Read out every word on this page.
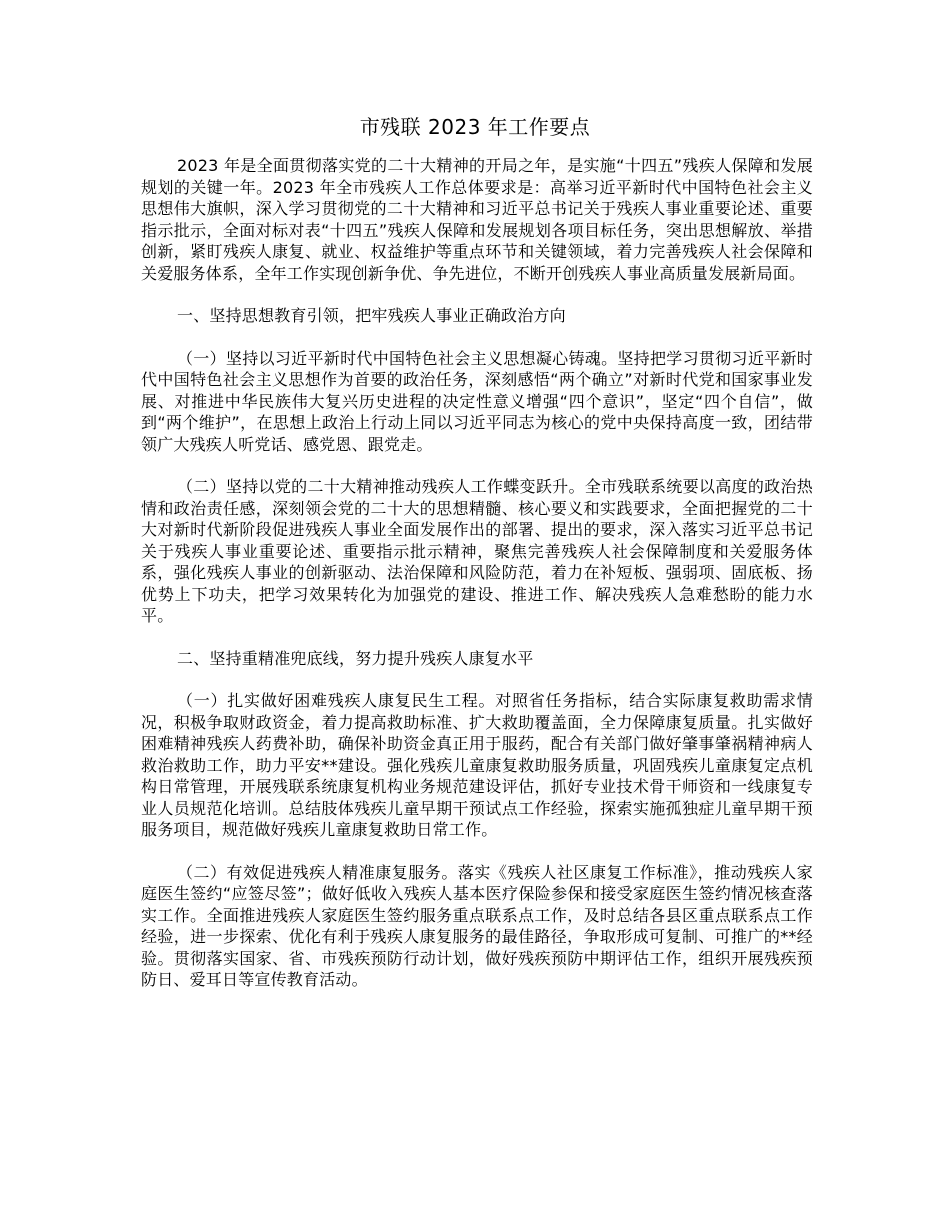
市残联 2023 年工作要点

2023 年是全面贯彻落实党的二十大精神的开局之年，是实施“十四五”残疾人保障和发展规划的关键一年。2023 年全市残疾人工作总体要求是：高举习近平新时代中国特色社会主义思想伟大旗帜，深入学习贯彻党的二十大精神和习近平总书记关于残疾人事业重要论述、重要指示批示，全面对标对表“十四五”残疾人保障和发展规划各项目标任务，突出思想解放、举措创新，紧盯残疾人康复、就业、权益维护等重点环节和关键领域，着力完善残疾人社会保障和关爱服务体系，全年工作实现创新争优、争先进位，不断开创残疾人事业高质量发展新局面。

一、坚持思想教育引领，把牢残疾人事业正确政治方向

（一）坚持以习近平新时代中国特色社会主义思想凝心铸魂。坚持把学习贯彻习近平新时代中国特色社会主义思想作为首要的政治任务，深刻感悟“两个确立”对新时代党和国家事业发展、对推进中华民族伟大复兴历史进程的决定性意义增强“四个意识”，坚定“四个自信”，做到“两个维护”，在思想上政治上行动上同以习近平同志为核心的党中央保持高度一致，团结带领广大残疾人听党话、感党恩、跟党走。

（二）坚持以党的二十大精神推动残疾人工作蝶变跃升。全市残联系统要以高度的政治热情和政治责任感，深刻领会党的二十大的思想精髓、核心要义和实践要求，全面把握党的二十大对新时代新阶段促进残疾人事业全面发展作出的部署、提出的要求，深入落实习近平总书记关于残疾人事业重要论述、重要指示批示精神，聚焦完善残疾人社会保障制度和关爱服务体系，强化残疾人事业的创新驱动、法治保障和风险防范，着力在补短板、强弱项、固底板、扬优势上下功夫，把学习效果转化为加强党的建设、推进工作、解决残疾人急难愁盼的能力水平。

二、坚持重精准兜底线，努力提升残疾人康复水平

（一）扎实做好困难残疾人康复民生工程。对照省任务指标，结合实际康复救助需求情况，积极争取财政资金，着力提高救助标准、扩大救助覆盖面，全力保障康复质量。扎实做好困难精神残疾人药费补助，确保补助资金真正用于服药，配合有关部门做好肇事肇祸精神病人救治救助工作，助力平安**建设。强化残疾儿童康复救助服务质量，巩固残疾儿童康复定点机构日常管理，开展残联系统康复机构业务规范建设评估，抓好专业技术骨干师资和一线康复专业人员规范化培训。总结肢体残疾儿童早期干预试点工作经验，探索实施孤独症儿童早期干预服务项目，规范做好残疾儿童康复救助日常工作。

（二）有效促进残疾人精准康复服务。落实《残疾人社区康复工作标准》，推动残疾人家庭医生签约“应签尽签”；做好低收入残疾人基本医疗保险参保和接受家庭医生签约情况核查落实工作。全面推进残疾人家庭医生签约服务重点联系点工作，及时总结各县区重点联系点工作经验，进一步探索、优化有利于残疾人康复服务的最佳路径，争取形成可复制、可推广的**经验。贯彻落实国家、省、市残疾预防行动计划，做好残疾预防中期评估工作，组织开展残疾预防日、爱耳日等宣传教育活动。
